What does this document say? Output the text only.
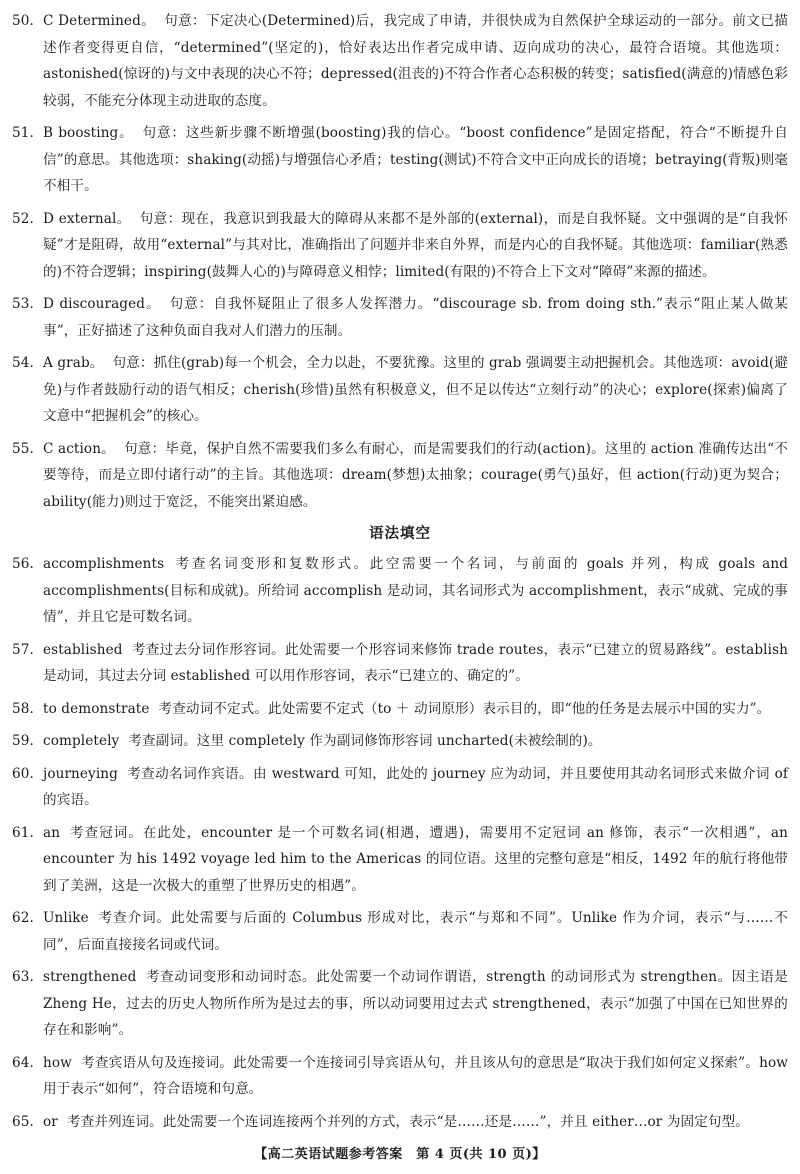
50. C Determined。 句意：下定决心(Determined)后，我完成了申请，并很快成为自然保护全球运动的一部分。前文已描述作者变得更自信，“determined”(坚定的)，恰好表达出作者完成申请、迈向成功的决心，最符合语境。其他选项：astonished(惊讶的)与文中表现的决心不符；depressed(沮丧的)不符合作者心态积极的转变；satisfied(满意的)情感色彩较弱，不能充分体现主动进取的态度。
51. B boosting。 句意：这些新步骤不断增强(boosting)我的信心。“boost confidence”是固定搭配，符合“不断提升自信”的意思。其他选项：shaking(动摇)与增强信心矛盾；testing(测试)不符合文中正向成长的语境；betraying(背叛)则毫不相干。
52. D external。 句意：现在，我意识到我最大的障碍从来都不是外部的(external)，而是自我怀疑。文中强调的是“自我怀疑”才是阻碍，故用“external”与其对比，准确指出了问题并非来自外界，而是内心的自我怀疑。其他选项：familiar(熟悉的)不符合逻辑；inspiring(鼓舞人心的)与障碍意义相悖；limited(有限的)不符合上下文对“障碍”来源的描述。
53. D discouraged。 句意：自我怀疑阻止了很多人发挥潜力。“discourage sb. from doing sth.”表示“阻止某人做某事”，正好描述了这种负面自我对人们潜力的压制。
54. A grab。 句意：抓住(grab)每一个机会，全力以赴，不要犹豫。这里的 grab 强调要主动把握机会。其他选项：avoid(避免)与作者鼓励行动的语气相反；cherish(珍惜)虽然有积极意义，但不足以传达“立刻行动”的决心；explore(探索)偏离了文意中“把握机会”的核心。
55. C action。 句意：毕竟，保护自然不需要我们多么有耐心，而是需要我们的行动(action)。这里的 action 准确传达出“不要等待，而是立即付诸行动”的主旨。其他选项：dream(梦想)太抽象；courage(勇气)虽好，但 action(行动)更为契合；ability(能力)则过于宽泛，不能突出紧迫感。
语法填空
56. accomplishments 考查名词变形和复数形式。此空需要一个名词，与前面的 goals 并列，构成 goals and accomplishments(目标和成就)。所给词 accomplish 是动词，其名词形式为 accomplishment，表示“成就、完成的事情”，并且它是可数名词。
57. established 考查过去分词作形容词。此处需要一个形容词来修饰 trade routes，表示“已建立的贸易路线”。establish 是动词，其过去分词 established 可以用作形容词，表示“已建立的、确定的”。
58. to demonstrate 考查动词不定式。此处需要不定式（to ＋ 动词原形）表示目的，即“他的任务是去展示中国的实力”。
59. completely 考查副词。这里 completely 作为副词修饰形容词 uncharted(未被绘制的)。
60. journeying 考查动名词作宾语。由 westward 可知，此处的 journey 应为动词，并且要使用其动名词形式来做介词 of 的宾语。
61. an 考查冠词。在此处，encounter 是一个可数名词(相遇，遭遇)，需要用不定冠词 an 修饰，表示“一次相遇”，an encounter 为 his 1492 voyage led him to the Americas 的同位语。这里的完整句意是“相反，1492 年的航行将他带到了美洲，这是一次极大的重塑了世界历史的相遇”。
62. Unlike 考查介词。此处需要与后面的 Columbus 形成对比，表示“与郑和不同”。Unlike 作为介词，表示“与……不同”，后面直接接名词或代词。
63. strengthened 考查动词变形和动词时态。此处需要一个动词作谓语，strength 的动词形式为 strengthen。因主语是 Zheng He，过去的历史人物所作所为是过去的事，所以动词要用过去式 strengthened，表示“加强了中国在已知世界的存在和影响”。
64. how 考查宾语从句及连接词。此处需要一个连接词引导宾语从句，并且该从句的意思是“取决于我们如何定义探索”。how 用于表示“如何”，符合语境和句意。
65. or 考查并列连词。此处需要一个连词连接两个并列的方式，表示“是……还是……”，并且 either…or 为固定句型。
【高二英语试题参考答案　第 4 页(共 10 页)】
